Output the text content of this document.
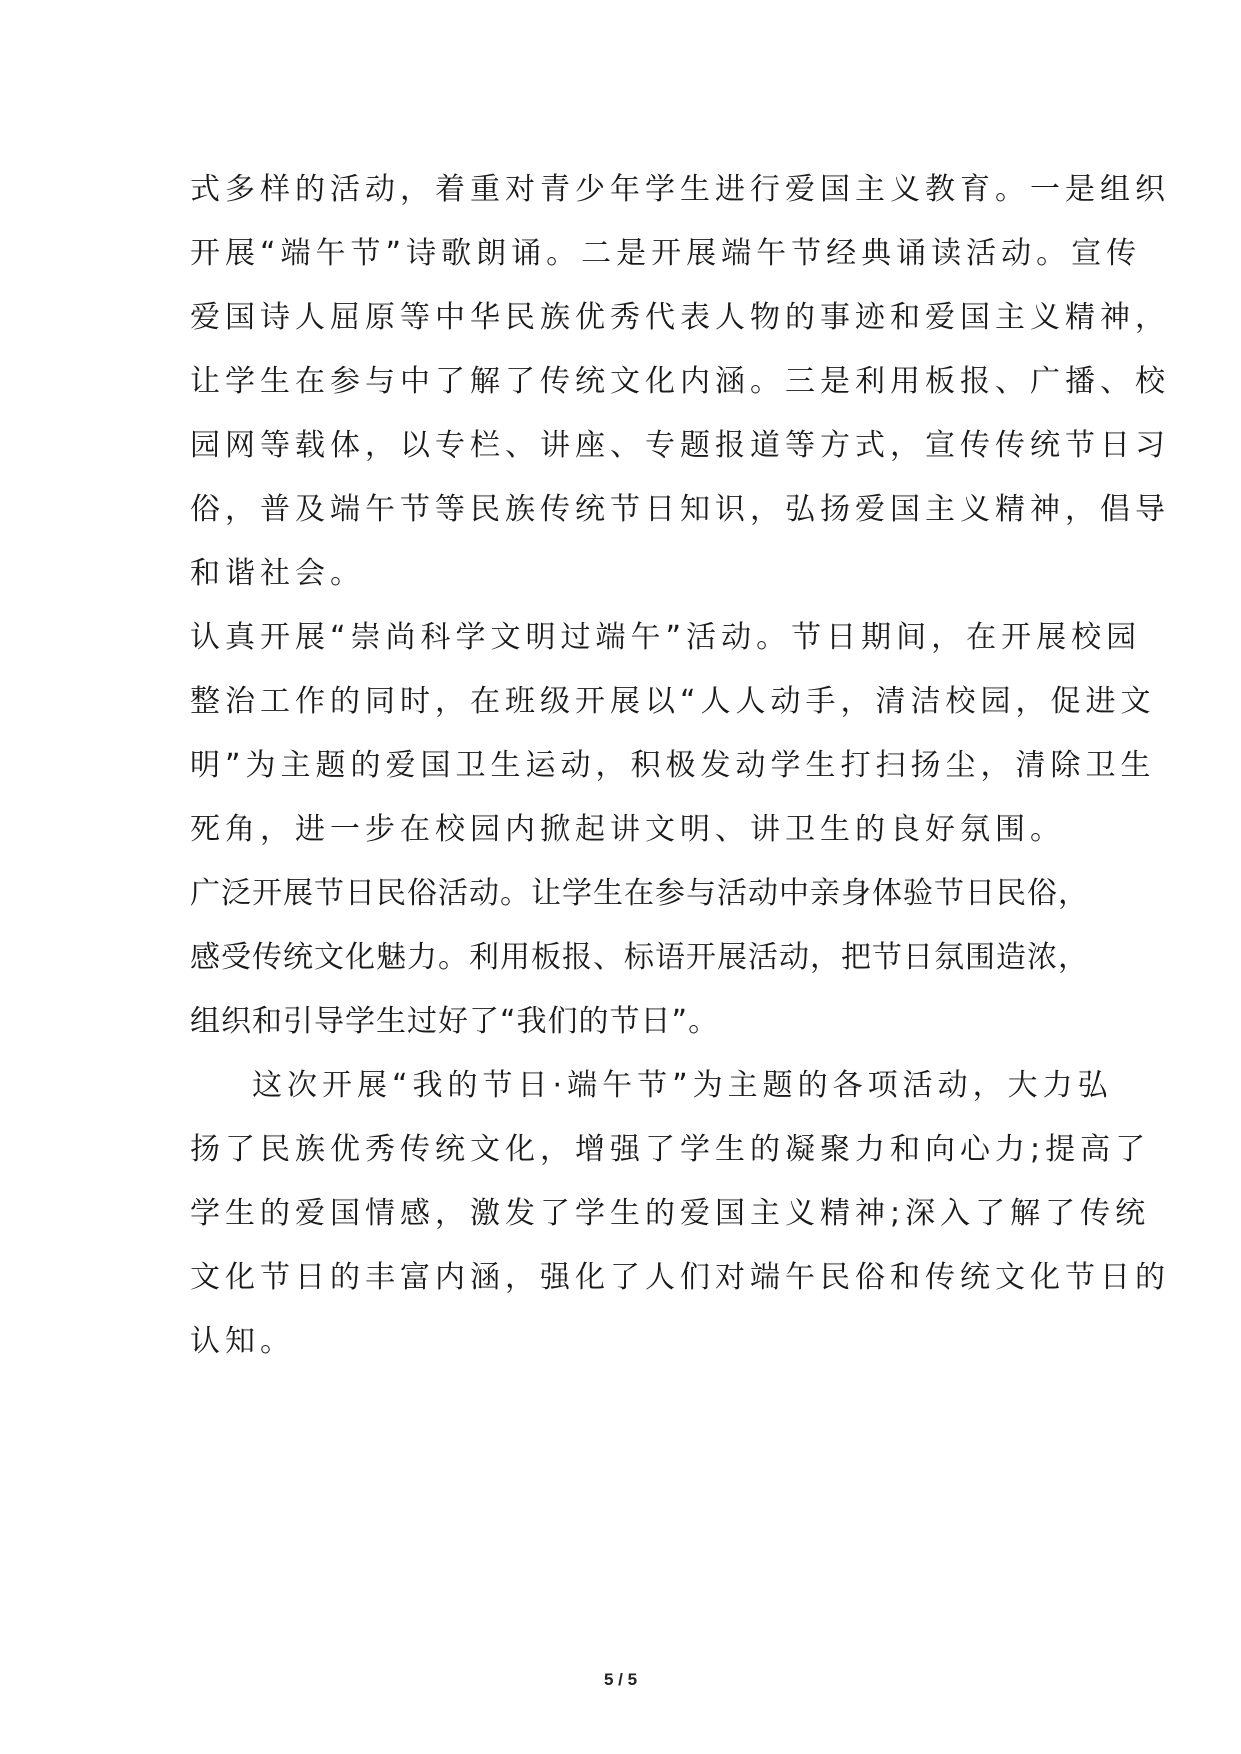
式多样的活动，着重对青少年学生进行爱国主义教育。一是组织
开展“端午节”诗歌朗诵。二是开展端午节经典诵读活动。宣传
爱国诗人屈原等中华民族优秀代表人物的事迹和爱国主义精神，
让学生在参与中了解了传统文化内涵。三是利用板报、广播、校
园网等载体，以专栏、讲座、专题报道等方式，宣传传统节日习
俗，普及端午节等民族传统节日知识，弘扬爱国主义精神，倡导
和谐社会。
认真开展“崇尚科学文明过端午”活动。节日期间，在开展校园
整治工作的同时，在班级开展以“人人动手，清洁校园，促进文
明”为主题的爱国卫生运动，积极发动学生打扫扬尘，清除卫生
死角，进一步在校园内掀起讲文明、讲卫生的良好氛围。
广泛开展节日民俗活动。让学生在参与活动中亲身体验节日民俗，
感受传统文化魅力。利用板报、标语开展活动，把节日氛围造浓，
组织和引导学生过好了“我们的节日”。
这次开展“我的节日·端午节”为主题的各项活动，大力弘
扬了民族优秀传统文化，增强了学生的凝聚力和向心力;提高了
学生的爱国情感，激发了学生的爱国主义精神;深入了解了传统
文化节日的丰富内涵，强化了人们对端午民俗和传统文化节日的
认知。
5 / 5
